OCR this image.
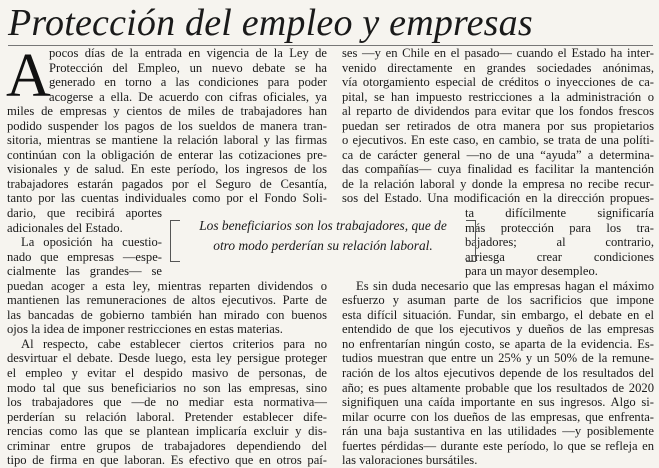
Protección del empleo y empresas
A
pocos días de la entrada en vigencia de la Ley de
Protección del Empleo, un nuevo debate se ha
generado en torno a las condiciones para poder
acogerse a ella. De acuerdo con cifras oficiales, ya
miles de empresas y cientos de miles de trabajadores han
podido suspender los pagos de los sueldos de manera tran-
sitoria, mientras se mantiene la relación laboral y las firmas
continúan con la obligación de enterar las cotizaciones pre-
visionales y de salud. En este período, los ingresos de los
trabajadores estarán pagados por el Seguro de Cesantía,
tanto por las cuentas individuales como por el Fondo Soli-
dario, que recibirá aportes
adicionales del Estado.
La oposición ha cuestio-
nado que empresas —espe-
cialmente las grandes— se
puedan acoger a esta ley, mientras reparten dividendos o
mantienen las remuneraciones de altos ejecutivos. Parte de
las bancadas de gobierno también han mirado con buenos
ojos la idea de imponer restricciones en estas materias.
Al respecto, cabe establecer ciertos criterios para no
desvirtuar el debate. Desde luego, esta ley persigue proteger
el empleo y evitar el despido masivo de personas, de
modo tal que sus beneficiarios no son las empresas, sino
los trabajadores que —de no mediar esta normativa—
perderían su relación laboral. Pretender establecer dife-
rencias como las que se plantean implicaría excluir y dis-
criminar entre grupos de trabajadores dependiendo del
tipo de firma en que laboran. Es efectivo que en otros paí-
ses —y en Chile en el pasado— cuando el Estado ha inter-
venido directamente en grandes sociedades anónimas,
vía otorgamiento especial de créditos o inyecciones de ca-
pital, se han impuesto restricciones a la administración o
al reparto de dividendos para evitar que los fondos frescos
puedan ser retirados de otra manera por sus propietarios
o ejecutivos. En este caso, en cambio, se trata de una políti-
ca de carácter general —no de una “ayuda” a determina-
das compañías— cuya finalidad es facilitar la mantención
de la relación laboral y donde la empresa no recibe recur-
sos del Estado. Una modificación en la dirección propues-
ta difícilmente significaría
más protección para los tra-
bajadores; al contrario,
arriesga crear condiciones
para un mayor desempleo.
Es sin duda necesario que las empresas hagan el máximo
esfuerzo y asuman parte de los sacrificios que impone
esta difícil situación. Fundar, sin embargo, el debate en el
entendido de que los ejecutivos y dueños de las empresas
no enfrentarían ningún costo, se aparta de la evidencia. Es-
tudios muestran que entre un 25% y un 50% de la remune-
ración de los altos ejecutivos depende de los resultados del
año; es pues altamente probable que los resultados de 2020
signifiquen una caída importante en sus ingresos. Algo si-
milar ocurre con los dueños de las empresas, que enfrenta-
rán una baja sustantiva en las utilidades —y posiblemente
fuertes pérdidas— durante este período, lo que se refleja en
las valoraciones bursátiles.
Los beneficiarios son los trabajadores, que de
otro modo perderían su relación laboral.
